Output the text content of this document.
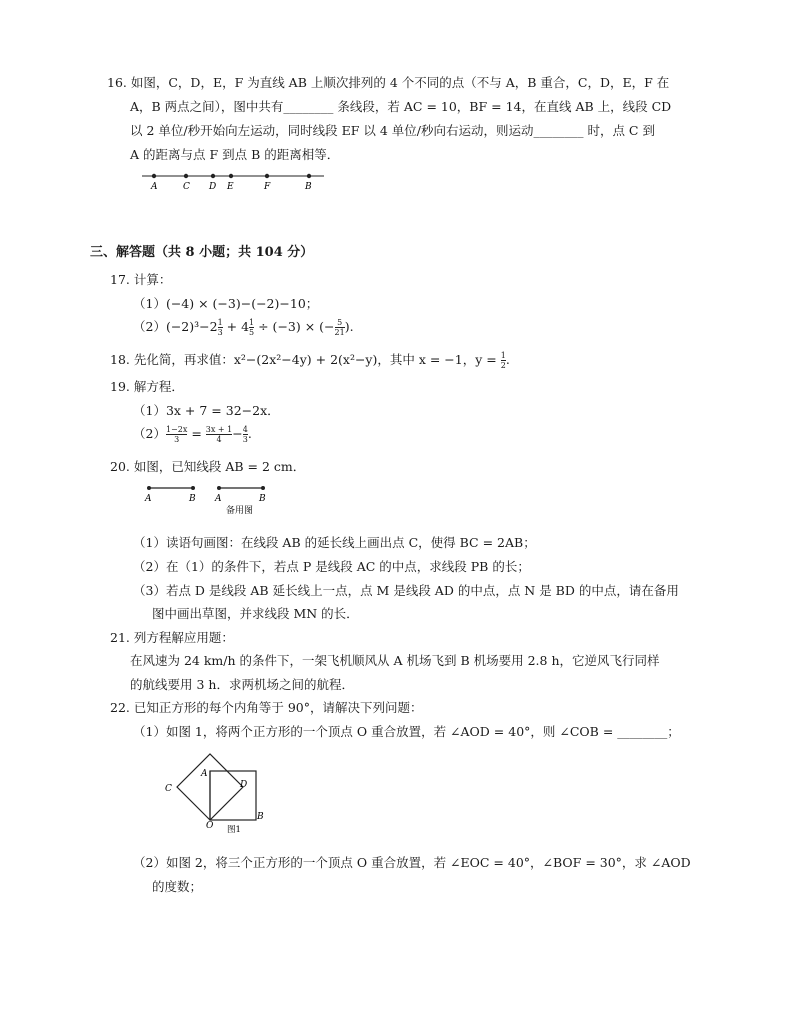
16. 如图，C，D，E，F 为直线 AB 上顺次排列的 4 个不同的点（不与 A，B 重合，C，D，E，F 在
A，B 两点之间），图中共有________ 条线段，若 AC = 10，BF = 14，在直线 AB 上，线段 CD
以 2 单位/秒开始向左运动，同时线段 EF 以 4 单位/秒向右运动，则运动________ 时，点 C 到
A 的距离与点 F 到点 B 的距离相等．
A	C D E	F	B
三、解答题（共 8 小题；共 104 分）
17. 计算：
（1）(−4) × (−3)−(−2)−10；
$(2)(-2)^3-2 \frac{1}{3} + 4 \frac{1}{5} \div (-3)$ × (− $\frac{5}{21}$ ).
18. 先化简，再求值：x²−(2x²−4y) + 2(x²−y)，其中 x = −1，$y = \frac{1}{2}$ .
19. 解方程．
（1）3x + 7 = 32−2x．
$(2) \frac{1-2x}{3} = \frac{3x + 1}{4} - \frac{4}{3}$ .
20. 如图，已知线段 AB = 2 cm．
A	B A	B
备用图
（1）读语句画图：在线段 AB 的延长线上画出点 C，使得 BC = 2AB；
（2）在（1）的条件下，若点 P 是线段 AC 的中点，求线段 PB 的长；
（3）若点 D 是线段 AB 延长线上一点，点 M 是线段 AD 的中点，点 N 是 BD 的中点，请在备用
图中画出草图，并求线段 MN 的长．
21. 列方程解应用题：
在风速为 24 km/h 的条件下，一架飞机顺风从 A 机场飞到 B 机场要用 2.8 h，它逆风飞行同样
的航线要用 3 h．求两机场之间的航程．
22. 已知正方形的每个内角等于 90°，请解决下列问题：
（1）如图 1，将两个正方形的一个顶点 O 重合放置，若 ∠AOD = 40°，则 ∠COB = ________；
C
A
D
O
B
图1
（2）如图 2，将三个正方形的一个顶点 O 重合放置，若 ∠EOC = 40°，∠BOF = 30°，求 ∠AOD
的度数；
